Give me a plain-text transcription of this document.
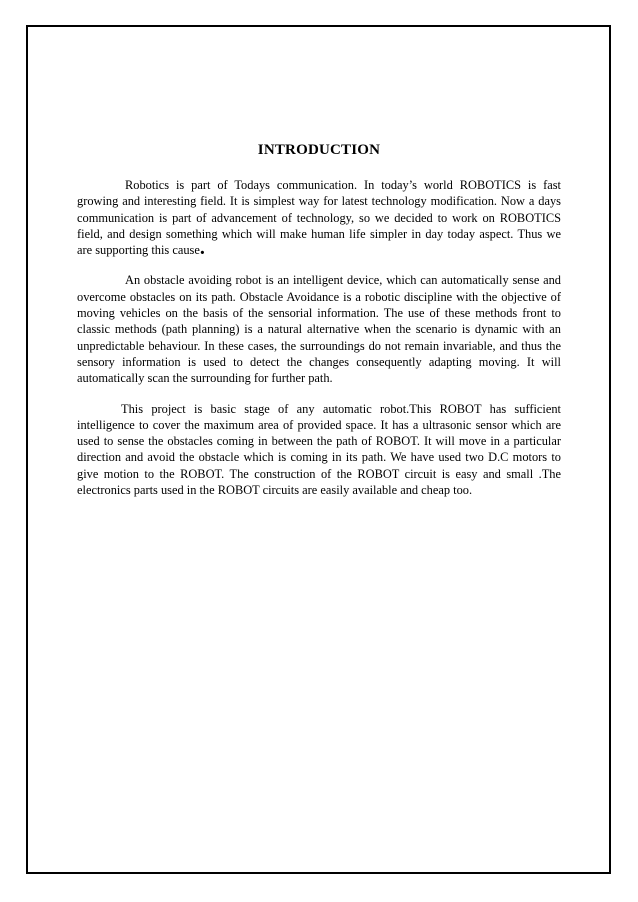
INTRODUCTION

Robotics is part of Todays communication. In today’s world ROBOTICS is fast growing and interesting field. It is simplest way for latest technology modification. Now a days communication is part of advancement of technology, so we decided to work on ROBOTICS field, and design something which will make human life simpler in day today aspect. Thus we are supporting this cause.

An obstacle avoiding robot is an intelligent device, which can automatically sense and overcome obstacles on its path. Obstacle Avoidance is a robotic discipline with the objective of moving vehicles on the basis of the sensorial information. The use of these methods front to classic methods (path planning) is a natural alternative when the scenario is dynamic with an unpredictable behaviour. In these cases, the surroundings do not remain invariable, and thus the sensory information is used to detect the changes consequently adapting moving. It will automatically scan the surrounding for further path.

This project is basic stage of any automatic robot.This ROBOT has sufficient intelligence to cover the maximum area of provided space. It has a ultrasonic sensor which are used to sense the obstacles coming in between the path of ROBOT. It will move in a particular direction and avoid the obstacle which is coming in its path. We have used two D.C motors to give motion to the ROBOT. The construction of the ROBOT circuit is easy and small .The electronics parts used in the ROBOT circuits are easily available and cheap too.
